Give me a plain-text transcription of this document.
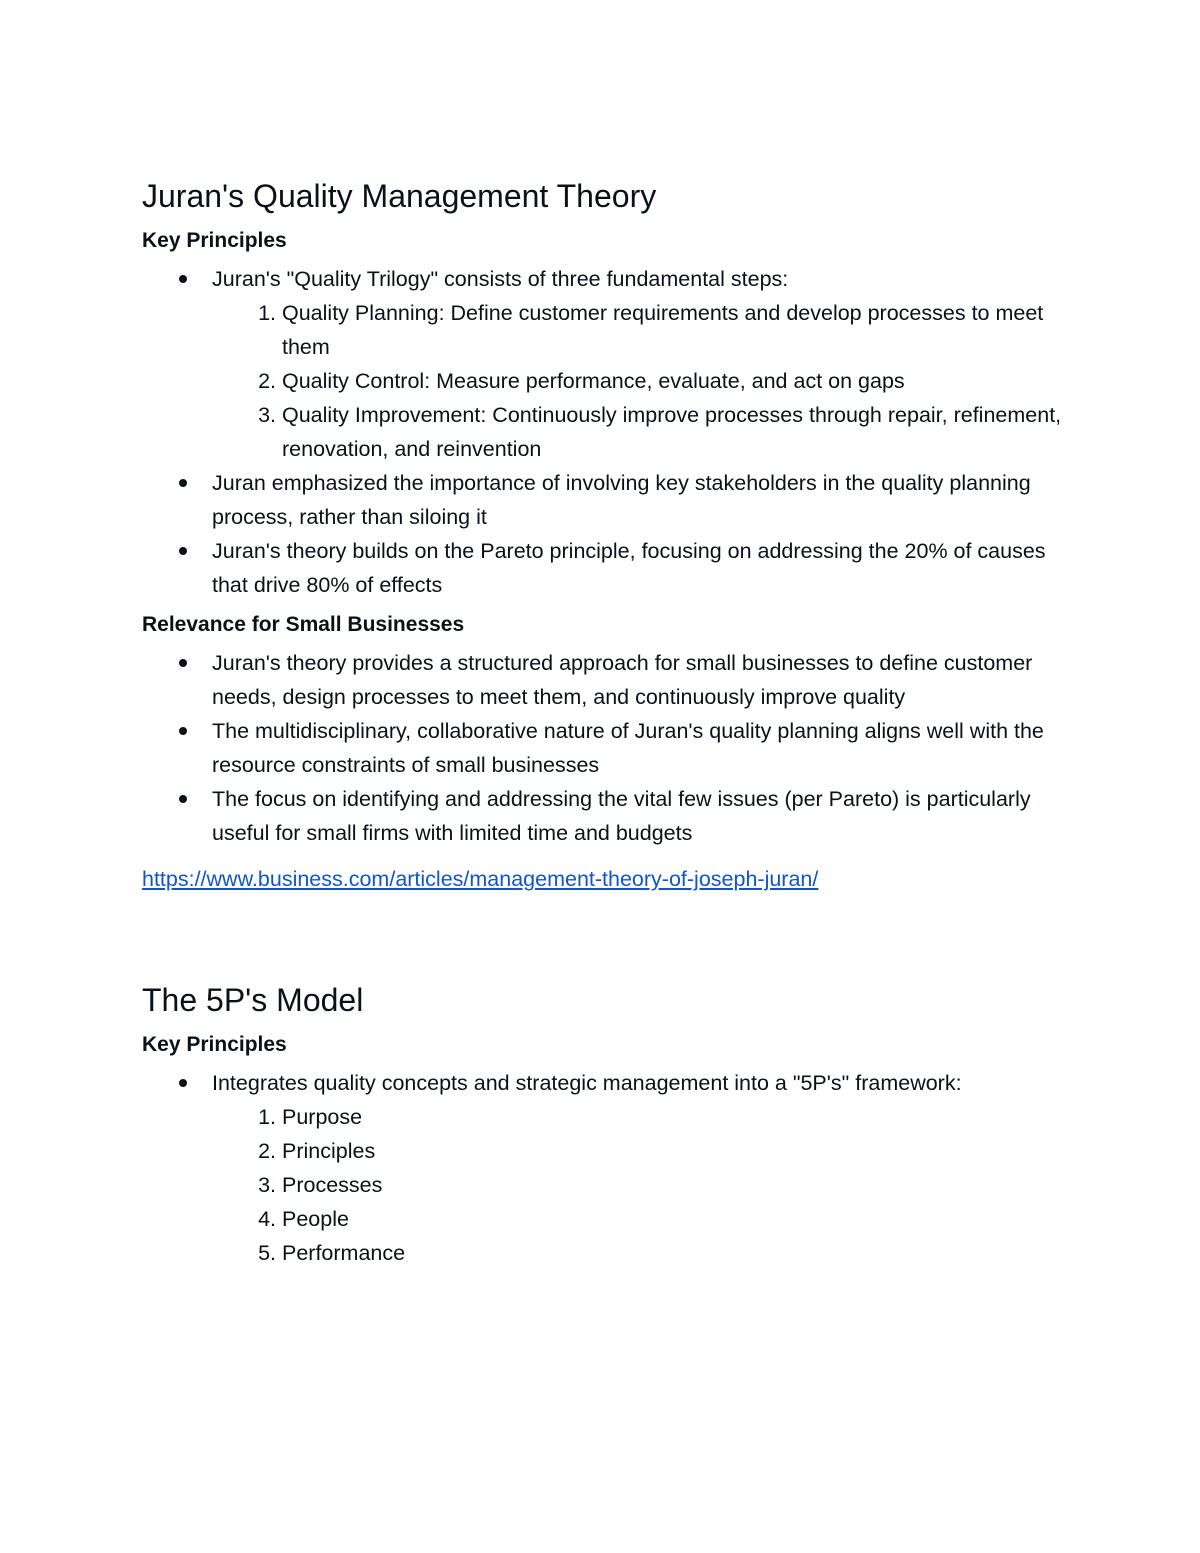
Juran's Quality Management Theory
Key Principles
Juran's "Quality Trilogy" consists of three fundamental steps:
1. Quality Planning: Define customer requirements and develop processes to meet them
2. Quality Control: Measure performance, evaluate, and act on gaps
3. Quality Improvement: Continuously improve processes through repair, refinement, renovation, and reinvention
Juran emphasized the importance of involving key stakeholders in the quality planning process, rather than siloing it
Juran's theory builds on the Pareto principle, focusing on addressing the 20% of causes that drive 80% of effects
Relevance for Small Businesses
Juran's theory provides a structured approach for small businesses to define customer needs, design processes to meet them, and continuously improve quality
The multidisciplinary, collaborative nature of Juran's quality planning aligns well with the resource constraints of small businesses
The focus on identifying and addressing the vital few issues (per Pareto) is particularly useful for small firms with limited time and budgets
https://www.business.com/articles/management-theory-of-joseph-juran/
The 5P's Model
Key Principles
Integrates quality concepts and strategic management into a "5P's" framework:
1. Purpose
2. Principles
3. Processes
4. People
5. Performance
